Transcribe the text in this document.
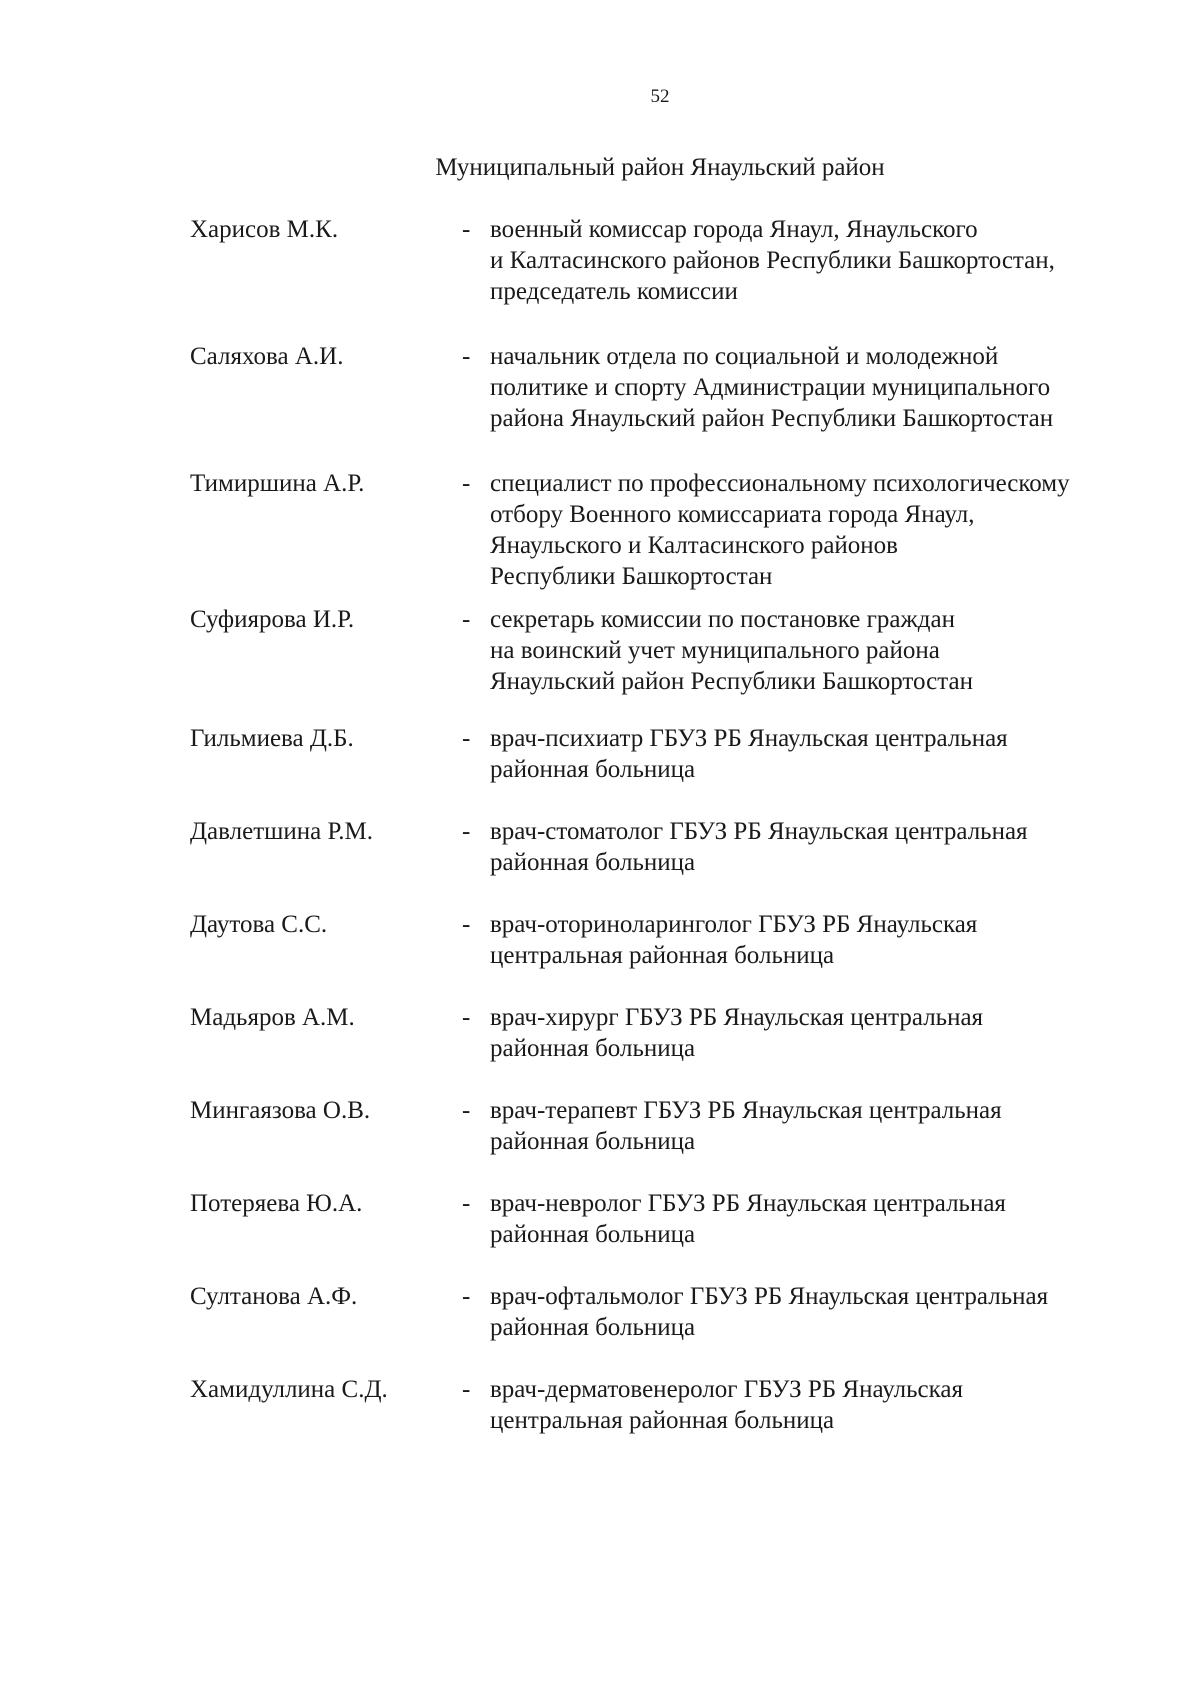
52
Муниципальный район Янаульский район
Харисов М.К.	- военный комиссар города Янаул, Янаульского
и Калтасинского районов Республики Башкортостан,
председатель комиссии
Саляхова А.И.	- начальник отдела по социальной и молодежной
политике и спорту Администрации муниципального
района Янаульский район Республики Башкортостан
Тимиршина А.Р.	- специалист по профессиональному психологическому
отбору Военного комиссариата города Янаул,
Янаульского и Калтасинского районов
Республики Башкортостан
Суфиярова И.Р.	- секретарь комиссии по постановке граждан
на воинский учет муниципального района
Янаульский район Республики Башкортостан
Гильмиева Д.Б.	- врач-психиатр ГБУЗ РБ Янаульская центральная
районная больница
Давлетшина Р.М.	- врач-стоматолог ГБУЗ РБ Янаульская центральная
районная больница
Даутова С.С.	- врач-оториноларинголог ГБУЗ РБ Янаульская
центральная районная больница
Мадьяров А.М.	- врач-хирург ГБУЗ РБ Янаульская центральная
районная больница
Мингаязова О.В.	- врач-терапевт ГБУЗ РБ Янаульская центральная
районная больница
Потеряева Ю.А.	- врач-невролог ГБУЗ РБ Янаульская центральная
районная больница
Султанова А.Ф.	- врач-офтальмолог ГБУЗ РБ Янаульская центральная
районная больница
Хамидуллина С.Д.	- врач-дерматовенеролог ГБУЗ РБ Янаульская
центральная районная больница
